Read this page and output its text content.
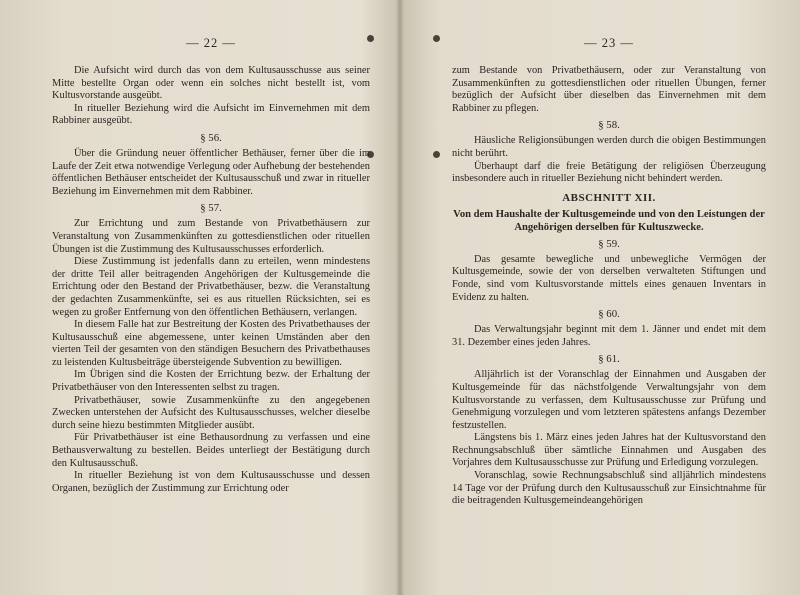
— 22 —

Die Aufsicht wird durch das von dem Kultusausschusse aus seiner Mitte bestellte Organ oder wenn ein solches nicht bestellt ist, vom Kultusvorstande ausgeübt.

In ritueller Beziehung wird die Aufsicht im Einvernehmen mit dem Rabbiner ausgeübt.

§ 56.

Über die Gründung neuer öffentlicher Bethäuser, ferner über die im Laufe der Zeit etwa notwendige Verlegung oder Aufhebung der bestehenden öffentlichen Bethäuser entscheidet der Kultusausschuß und zwar in ritueller Beziehung im Einvernehmen mit dem Rabbiner.

§ 57.

Zur Errichtung und zum Bestande von Privatbethäusern zur Veranstaltung von Zusammenkünften zu gottesdienstlichen oder rituellen Übungen ist die Zustimmung des Kultusausschusses erforderlich.

Diese Zustimmung ist jedenfalls dann zu erteilen, wenn mindestens der dritte Teil aller beitragenden Angehörigen der Kultusgemeinde die Errichtung oder den Bestand der Privatbethäuser, bezw. die Veranstaltung der gedachten Zusammenkünfte, sei es aus rituellen Rücksichten, sei es wegen zu großer Entfernung von den öffentlichen Bethäusern, verlangen.

In diesem Falle hat zur Bestreitung der Kosten des Privatbethauses der Kultusausschuß eine abgemessene, unter keinen Umständen aber den vierten Teil der gesamten von den ständigen Besuchern des Privatbethauses zu leistenden Kultusbeiträge übersteigende Subvention zu bewilligen.

Im Übrigen sind die Kosten der Errichtung bezw. der Erhaltung der Privatbethäuser von den Interessenten selbst zu tragen.

Privatbethäuser, sowie Zusammenkünfte zu den angegebenen Zwecken unterstehen der Aufsicht des Kultusausschusses, welcher dieselbe durch seine hiezu bestimmten Mitglieder ausübt.

Für Privatbethäuser ist eine Bethausordnung zu verfassen und eine Bethausverwaltung zu bestellen. Beides unterliegt der Bestätigung durch den Kultusausschuß.

In ritueller Beziehung ist von dem Kultusausschusse und dessen Organen, bezüglich der Zustimmung zur Errichtung oder

— 23 —

zum Bestande von Privatbethäusern, oder zur Veranstaltung von Zusammenkünften zu gottesdienstlichen oder rituellen Übungen, ferner bezüglich der Aufsicht über dieselben das Einvernehmen mit dem Rabbiner zu pflegen.

§ 58.

Häusliche Religionsübungen werden durch die obigen Bestimmungen nicht berührt.

Überhaupt darf die freie Betätigung der religiösen Überzeugung insbesondere auch in ritueller Beziehung nicht behindert werden.

ABSCHNITT XII.
Von dem Haushalte der Kultusgemeinde und von den Leistungen der Angehörigen derselben für Kultuszwecke.
§ 59.

Das gesamte bewegliche und unbewegliche Vermögen der Kultusgemeinde, sowie der von derselben verwalteten Stiftungen und Fonde, sind vom Kultusvorstande mittels eines genauen Inventars in Evidenz zu halten.

§ 60.

Das Verwaltungsjahr beginnt mit dem 1. Jänner und endet mit dem 31. Dezember eines jeden Jahres.

§ 61.

Alljährlich ist der Voranschlag der Einnahmen und Ausgaben der Kultusgemeinde für das nächstfolgende Verwaltungsjahr von dem Kultusvorstande zu verfassen, dem Kultusausschusse zur Prüfung und Genehmigung vorzulegen und vom letzteren spätestens anfangs Dezember festzustellen.

Längstens bis 1. März eines jeden Jahres hat der Kultusvorstand den Rechnungsabschluß über sämtliche Einnahmen und Ausgaben des Vorjahres dem Kultusausschusse zur Prüfung und Erledigung vorzulegen.

Voranschlag, sowie Rechnungsabschluß sind alljährlich mindestens 14 Tage vor der Prüfung durch den Kultusausschuß zur Einsichtnahme für die beitragenden Kultusgemeindeangehörigen
